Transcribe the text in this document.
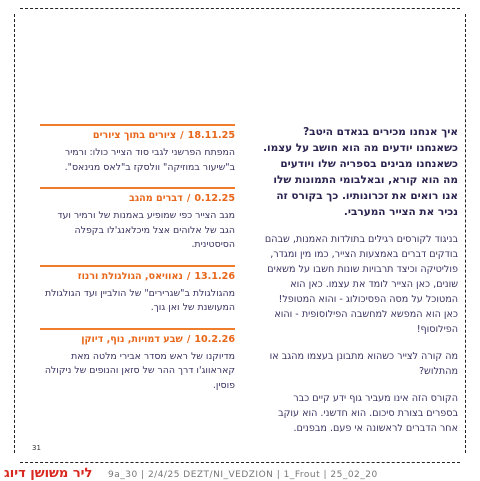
איך אנחנו מכירים בגאדם היטב? כשאנחנו יודעים מה הוא חושב על עצמו. כשאנחנו מבינים בספריה שלו ויודעים מה הוא קורא, ובאלבומי התמונות שלו אנו רואים את זכרונותיו. כך בקורס זה נכיר את הצייר המערבי.

בניגוד לקורסים רגילים בתולדות האמנות, שבהם בודקים דברים באמצעות הצייר, כמו מין ומגדר, פוליטיקה וכיצד תרבויות שונות חשבו על משאים שונים, כאן הצייר לומד את עצמו. כאן הוא המטוכל על מסה הפסיכולוג - והוא המטופל! כאן הוא המפשא למחשבה הפילוסופית - והוא הפילוסוף!

מה קורה לצייר כשהוא מתבונן בעצמו מהגב או מהתלוש?

הקורס הזה אינו מעביר גוף ידע קיים כבר בספרים בצורת סיכום. הוא חדשני. הוא עוקב אחר הדברים לראשונה אי פעם. מבפנים.

18.11.25
/
ציורים בתוך ציורים
המפתח הפרשני לגבי סוד הצייר כולו: ורמיר ב"שיעור במוזיקה" וולסקז ב"לאס מנינאס".
0.12.25
/
דברים מהגב
מגב הצייר כפי שמופיע באמנות של ורמיר ועד הגב של אלוהים אצל מיכלאנג'לו בקפלה הסיסטינית.
13.1.26
/
נאוויאס, הגולגולת ורנוז
מהגולגולת ב"שגרירים" של הולביין ועד הגולגולת המעושנת של ואן גוך.
10.2.26
/
שבע דמויות, נוף, דיוקן
מדיוקנו של ראש מסדר אבירי מלטה מאת קאראווג'ו דרך ההר של סזאן והנופים של ניקולה פוסין.
31
ליר משושן דיוג 9a_30 | 2/4/25 DEZT/NI_VEDZION | 1_Frout | 25_02_20
